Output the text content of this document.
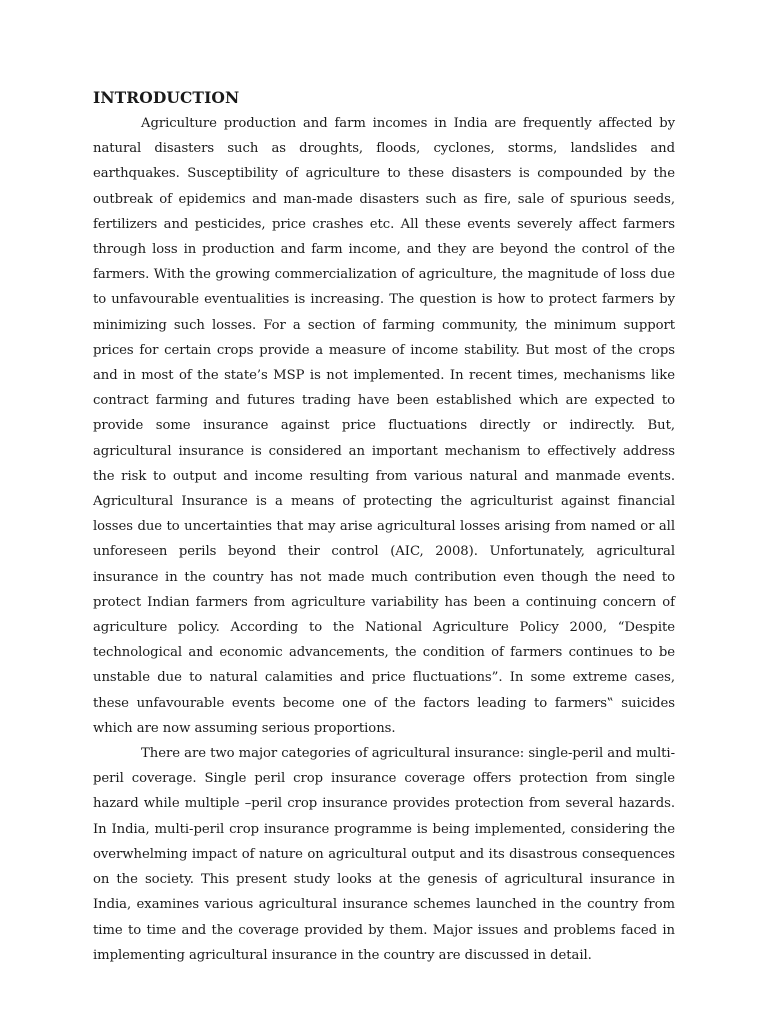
INTRODUCTION

Agriculture production and farm incomes in India are frequently affected by natural disasters such as droughts, floods, cyclones, storms, landslides and earthquakes. Susceptibility of agriculture to these disasters is compounded by the outbreak of epidemics and man-made disasters such as fire, sale of spurious seeds, fertilizers and pesticides, price crashes etc. All these events severely affect farmers through loss in production and farm income, and they are beyond the control of the farmers. With the growing commercialization of agriculture, the magnitude of loss due to unfavourable eventualities is increasing. The question is how to protect farmers by minimizing such losses. For a section of farming community, the minimum support prices for certain crops provide a measure of income stability. But most of the crops and in most of the state’s MSP is not implemented. In recent times, mechanisms like contract farming and futures trading have been established which are expected to provide some insurance against price fluctuations directly or indirectly. But, agricultural insurance is considered an important mechanism to effectively address the risk to output and income resulting from various natural and manmade events. Agricultural Insurance is a means of protecting the agriculturist against financial losses due to uncertainties that may arise agricultural losses arising from named or all unforeseen perils beyond their control (AIC, 2008). Unfortunately, agricultural insurance in the country has not made much contribution even though the need to protect Indian farmers from agriculture variability has been a continuing concern of agriculture policy. According to the National Agriculture Policy 2000, “Despite technological and economic advancements, the condition of farmers continues to be unstable due to natural calamities and price fluctuations”. In some extreme cases, these unfavourable events become one of the factors leading to farmers‟ suicides which are now assuming serious proportions.

There are two major categories of agricultural insurance: single-peril and multi-peril coverage. Single peril crop insurance coverage offers protection from single hazard while multiple –peril crop insurance provides protection from several hazards. In India, multi-peril crop insurance programme is being implemented, considering the overwhelming impact of nature on agricultural output and its disastrous consequences on the society. This present study looks at the genesis of agricultural insurance in India, examines various agricultural insurance schemes launched in the country from time to time and the coverage provided by them. Major issues and problems faced in implementing agricultural insurance in the country are discussed in detail.
